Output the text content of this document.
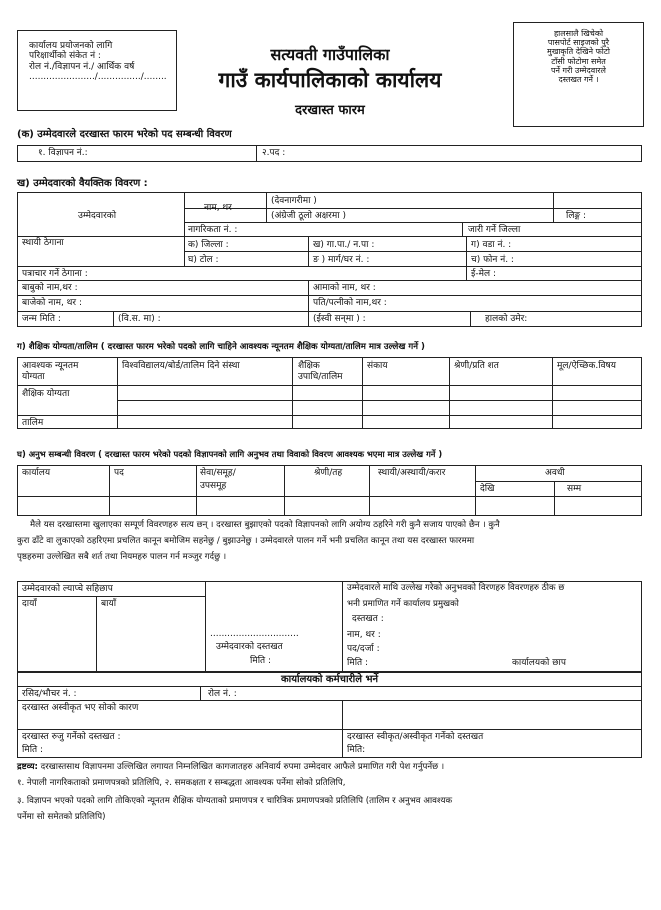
कार्यालय प्रयोजनको लागि
परिक्षार्थीको संकेत नं :
रोल नं./विज्ञापन नं./ आर्थिक वर्ष
......................./.............../........
सत्यवती गाउँपालिका
गाउँ कार्यपालिकाको कार्यालय
दरखास्त फारम
हालसालै खिचेको
पासपोर्ट साइजको पुरै
मुखाकृति देखिने फोटो
टाँसी फोटोमा समेत
पर्ने गरी उम्मेदवारले
दस्तखत गर्ने ।
(क) उम्मेदवारले दरखास्त फारम भरेको पद सम्बन्धी विवरण
१. विज्ञापन नं.:	२.पद :
ख) उम्मेदवारको वैयक्तिक विवरण :
उम्मेदवारको
नाम, थर
(देवनागरीमा )
(अंग्रेजी ठूलो अक्षरमा )	लिङ्ग :
नागरिकता नं. :	जारी गर्ने जिल्ला
स्थायी ठेगाना	क) जिल्ला :	ख) गा.पा./ न.पा :	ग) वडा नं. :
घ) टोल :	ङ ) मार्ग/घर नं. :	च) फोन नं. :
पत्राचार गर्ने ठेगाना :	ई-मेल :
बाबुको नाम,थर :	आमाको नाम, थर :
बाजेको नाम, थर :	पति/पत्नीको नाम,थर :
जन्म मिति :	(वि.स. मा) :	(ईस्वी सन्‌मा ) :	हालको उमेर:
ग) शैक्षिक योग्यता/तालिम ( दरखास्त फारम भरेको पदको लागि चाहिने आवश्यक न्यूनतम शैक्षिक योग्यता/तालिम मात्र उल्लेख गर्ने )
आवश्यक न्यूनतम
योग्यता
विश्वविद्यालय/बोर्ड/तालिम दिने संस्था	शैक्षिक
उपाधि/तालिम
संकाय	श्रेणी/प्रति शत	मूल/ऐच्छिक.विषय
शैक्षिक योग्यता
तालिम
घ) अनुभ सम्बन्धी विवरण ( दरखास्त फारम भरेको पदको विज्ञापनको लागि अनुभव तथा विवाको विवरण आवश्यक भएमा मात्र उल्लेख गर्ने )
कार्यालय	पद	सेवा/समूह/
उपसमूह
श्रेणी/तह	स्थायी/अस्थायी/करार	अवधी
देखि	सम्म
मैले यस दरखास्तमा खुलाएका सम्पूर्ण विवरणहरु सत्य छन् । दरखास्त बुझाएको पदको विज्ञापनको लागि अयोग्य ठहरिने गरी कुनै सजाय पाएको छैन । कुनै
कुरा ढाँटे वा लुकाएको ठहरिएमा प्रचलित कानून बमोजिम सहनेछु / बुझाउनेछु । उम्मेदवारले पालन गर्ने भनी प्रचलित कानून तथा यस दरखास्त फारममा
पृष्ठहरुमा उल्लेखित सबै शर्त तथा नियमहरु पालन गर्न मञ्जुर गर्दछु ।
उम्मेदवारको ल्याप्चे सहिछाप
दायाँ	बायाँ
...............................
उम्मेदवारको दस्तखत
मिति :
उम्मेदवारले माथि उल्लेख गरेको अनुभवको विरणहरु विवरणहरु ठीक छ
भनी प्रमाणित गर्ने कार्यालय प्रमुखको
दस्तखत :
नाम, थर :
पद/दर्जा :
मिति :	कार्यालयको छाप
कार्यालयको कर्मचारीले भर्ने
रसिद/भौचर नं. :	रोल नं. :
दरखास्त अस्वीकृत भए सोको कारण
दरखास्त रुजु गर्नेको दस्तखत :
मिति :
दरखास्त स्वीकृत/अस्वीकृत गर्नेको दस्तखत
मिति:
द्रष्टव्य: दरखास्तसाथ विज्ञापनमा उल्लिखित लगायत निम्नलिखित कागजातहरु अनिवार्य रुपमा उम्मेदवार आफैले प्रमाणित गरी पेश गर्नुपर्नेछ ।
१. नेपाली नागरिकताको प्रमाणपत्रको प्रतिलिपि, २. समकक्षता र सम्बद्धता आवश्यक पर्नेमा सोको प्रतिलिपि,
३. विज्ञापन भएको पदको लागि तोकिएको न्यूनतम शैक्षिक योग्यताको प्रमाणपत्र र चारित्रिक प्रमाणपत्रको प्रतिलिपि (तालिम र अनुभव आवश्यक
पर्नेमा सो समेतको प्रतिलिपि)
